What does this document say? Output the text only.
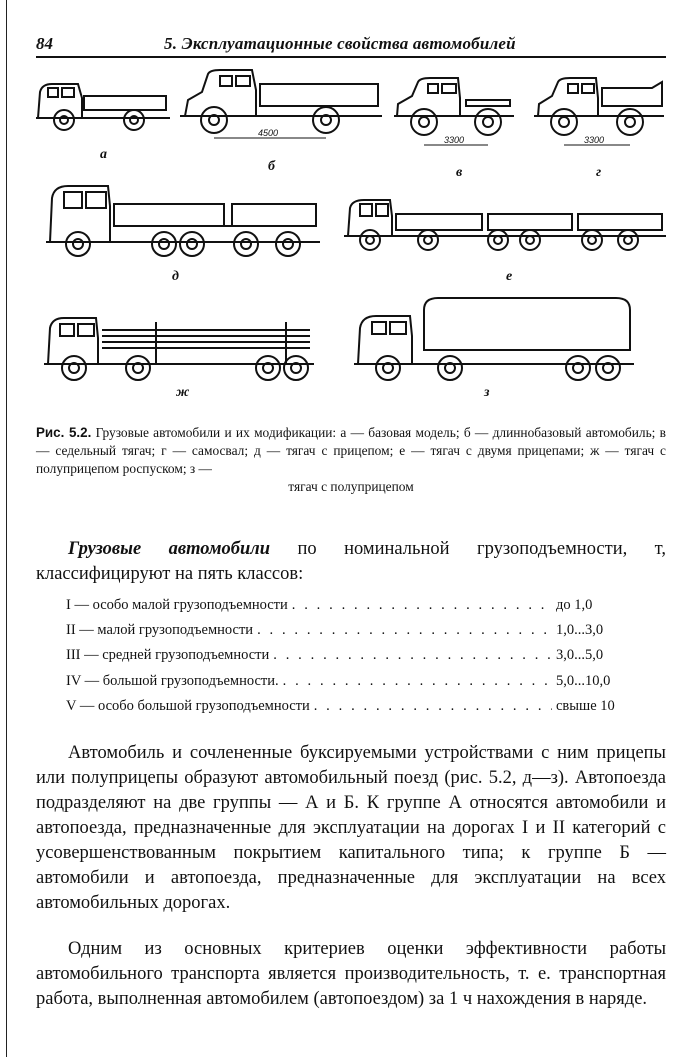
84	5. Эксплуатационные свойства автомобилей
а
б	в	г
д	е
ж	з
4500
3300	3300
Рис. 5.2. Грузовые автомобили и их модификации: а — базовая модель; б — длиннобазовый автомобиль; в — седельный тягач; г — самосвал; д — тягач с прицепом; е — тягач с двумя прицепами; ж — тягач с полуприцепом роспуском; з —
тягач с полуприцепом
Грузовые автомобили по номинальной грузоподъемности, т, классифицируют на пять классов:
I — особо малой грузоподъемности . . .	до 1,0
II — малой грузоподъемности . . .	1,0...3,0
III — средней грузоподъемности . . .	3,0...5,0
IV — большой грузоподъемности. . . .	5,0...10,0
V — особо большой грузоподъемности . . .	свыше 10
Автомобиль и сочлененные буксируемыми устройствами с ним прицепы или полуприцепы образуют автомобильный поезд (рис. 5.2, д—з). Автопоезда подразделяют на две группы — А и Б. К группе А относятся автомобили и автопоезда, предназначенные для эксплуатации на дорогах I и II категорий с усовершенствованным покрытием капитального типа; к группе Б — автомобили и автопоезда, предназначенные для эксплуатации на всех автомобильных дорогах.
Одним из основных критериев оценки эффективности работы автомобильного транспорта является производительность, т. е. транспортная работа, выполненная автомобилем (автопоездом) за 1 ч нахождения в наряде.
